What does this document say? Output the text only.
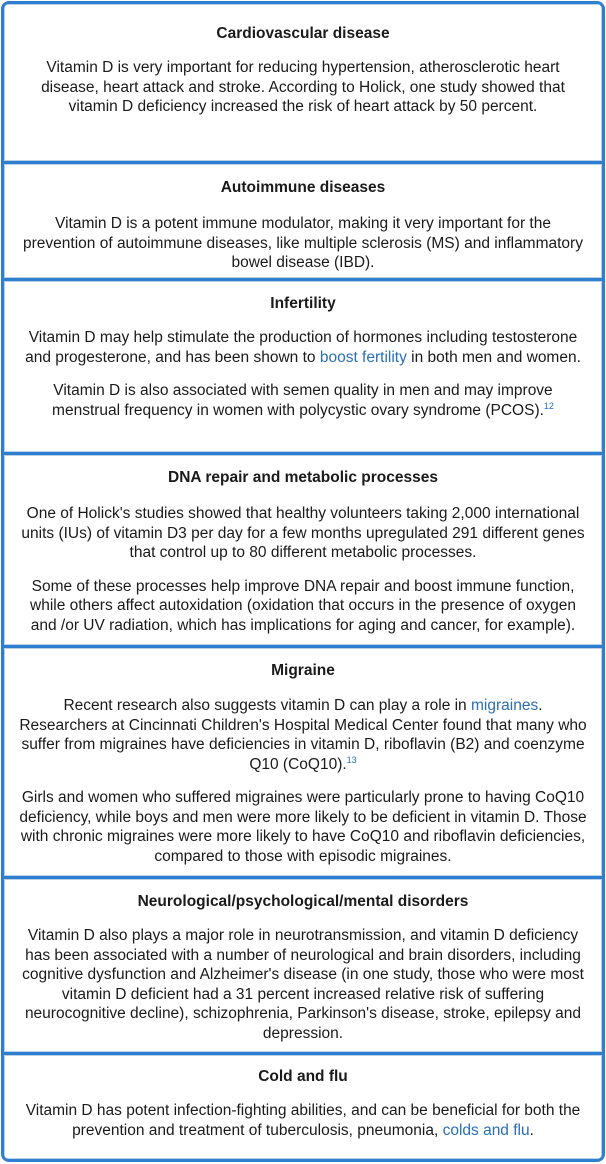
Cardiovascular disease

Vitamin D is very important for reducing hypertension, atherosclerotic heart disease, heart attack and stroke. According to Holick, one study showed that vitamin D deficiency increased the risk of heart attack by 50 percent.

Autoimmune diseases

Vitamin D is a potent immune modulator, making it very important for the prevention of autoimmune diseases, like multiple sclerosis (MS) and inflammatory bowel disease (IBD).

Infertility

Vitamin D may help stimulate the production of hormones including testosterone and progesterone, and has been shown to boost fertility in both men and women.

Vitamin D is also associated with semen quality in men and may improve menstrual frequency in women with polycystic ovary syndrome (PCOS).$^{12}$

DNA repair and metabolic processes

One of Holick's studies showed that healthy volunteers taking 2,000 international units (IUs) of vitamin D3 per day for a few months upregulated 291 different genes that control up to 80 different metabolic processes.

Some of these processes help improve DNA repair and boost immune function, while others affect autoxidation (oxidation that occurs in the presence of oxygen and /or UV radiation, which has implications for aging and cancer, for example).

Migraine

Recent research also suggests vitamin D can play a role in migraines. Researchers at Cincinnati Children's Hospital Medical Center found that many who suffer from migraines have deficiencies in vitamin D, riboflavin (B2) and coenzyme Q10 (CoQ10).$^{13}$

Girls and women who suffered migraines were particularly prone to having CoQ10 deficiency, while boys and men were more likely to be deficient in vitamin D. Those with chronic migraines were more likely to have CoQ10 and riboflavin deficiencies, compared to those with episodic migraines.

Neurological/psychological/mental disorders

Vitamin D also plays a major role in neurotransmission, and vitamin D deficiency has been associated with a number of neurological and brain disorders, including cognitive dysfunction and Alzheimer's disease (in one study, those who were most vitamin D deficient had a 31 percent increased relative risk of suffering neurocognitive decline), schizophrenia, Parkinson's disease, stroke, epilepsy and depression.

Cold and flu

Vitamin D has potent infection-fighting abilities, and can be beneficial for both the prevention and treatment of tuberculosis, pneumonia, colds and flu.
